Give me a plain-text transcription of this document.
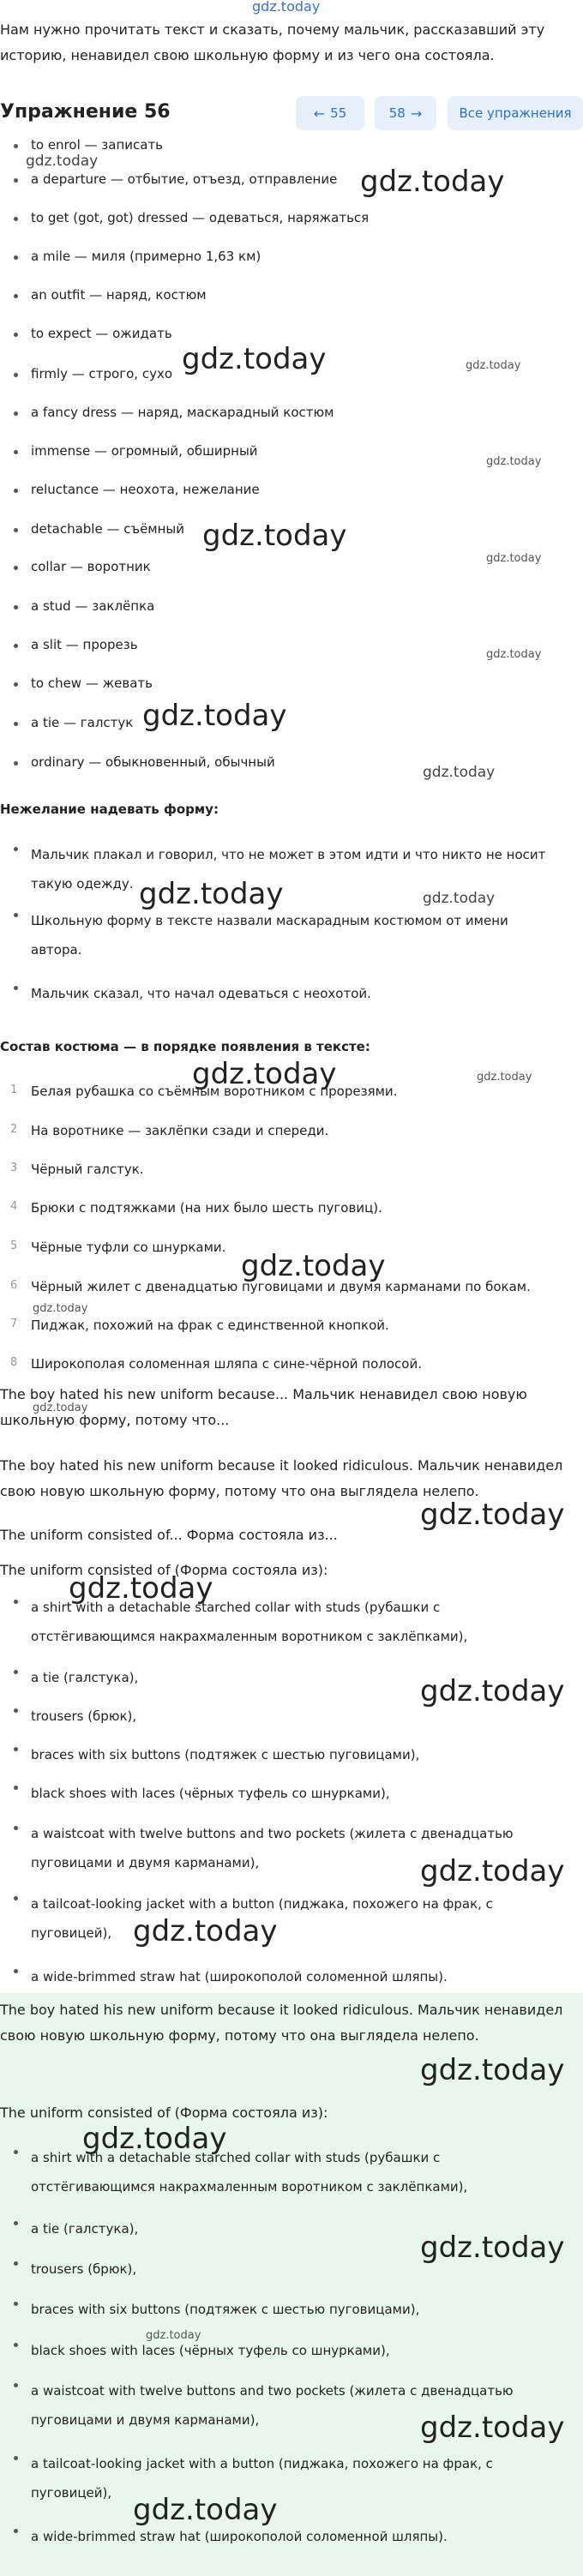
gdz.today
Нам нужно прочитать текст и сказать, почему мальчик, рассказавший эту историю, ненавидел свою школьную форму и из чего она состояла.
Упражнение 56	← 55	58 →	Все упражнения
to enrol — записать
a departure — отбытие, отъезд, отправление
to get (got, got) dressed — одеваться, наряжаться
a mile — миля (примерно 1,63 км)
an outfit — наряд, костюм
to expect — ожидать
firmly — строго, сухо
a fancy dress — наряд, маскарадный костюм
immense — огромный, обширный
reluctance — неохота, нежелание
detachable — съёмный
collar — воротник
a stud — заклёпка
a slit — прорезь
to chew — жевать
a tie — галстук
ordinary — обыкновенный, обычный
Нежелание надевать форму:
Мальчик плакал и говорил, что не может в этом идти и что никто не носит такую одежду.
Школьную форму в тексте назвали маскарадным костюмом от имени автора.
Мальчик сказал, что начал одеваться с неохотой.
Состав костюма — в порядке появления в тексте:
1 Белая рубашка со съёмным воротником с прорезями.
2 На воротнике — заклёпки сзади и спереди.
3 Чёрный галстук.
4 Брюки с подтяжками (на них было шесть пуговиц).
5 Чёрные туфли со шнурками.
6 Чёрный жилет с двенадцатью пуговицами и двумя карманами по бокам.
7 Пиджак, похожий на фрак с единственной кнопкой.
8 Широкополая соломенная шляпа с сине-чёрной полосой.
The boy hated his new uniform because... Мальчик ненавидел свою новую школьную форму, потому что...
The boy hated his new uniform because it looked ridiculous. Мальчик ненавидел свою новую школьную форму, потому что она выглядела нелепо.
The uniform consisted of... Форма состояла из...
The uniform consisted of (Форма состояла из):
a shirt with a detachable starched collar with studs (рубашки с отстёгивающимся накрахмаленным воротником с заклёпками),
a tie (галстука),
trousers (брюк),
braces with six buttons (подтяжек с шестью пуговицами),
black shoes with laces (чёрных туфель со шнурками),
a waistcoat with twelve buttons and two pockets (жилета с двенадцатью пуговицами и двумя карманами),
a tailcoat-looking jacket with a button (пиджака, похожего на фрак, с пуговицей),
a wide-brimmed straw hat (широкополой соломенной шляпы).
The boy hated his new uniform because it looked ridiculous. Мальчик ненавидел свою новую школьную форму, потому что она выглядела нелепо.
The uniform consisted of (Форма состояла из):
a shirt with a detachable starched collar with studs (рубашки с отстёгивающимся накрахмаленным воротником с заклёпками),
a tie (галстука),
trousers (брюк),
braces with six buttons (подтяжек с шестью пуговицами),
black shoes with laces (чёрных туфель со шнурками),
a waistcoat with twelve buttons and two pockets (жилета с двенадцатью пуговицами и двумя карманами),
a tailcoat-looking jacket with a button (пиджака, похожего на фрак, с пуговицей),
a wide-brimmed straw hat (широкополой соломенной шляпы).
gdz.today
gdz.today
gdz.today	gdz.today
gdz.today
gdz.today
gdz.today
gdz.today
gdz.today
gdz.today
gdz.today	gdz.today
gdz.today	gdz.today
gdz.today
gdz.today
gdz.today
gdz.today
gdz.today
gdz.today
gdz.today
gdz.today
gdz.today
gdz.today
gdz.today
gdz.today
gdz.today
gdz.today
